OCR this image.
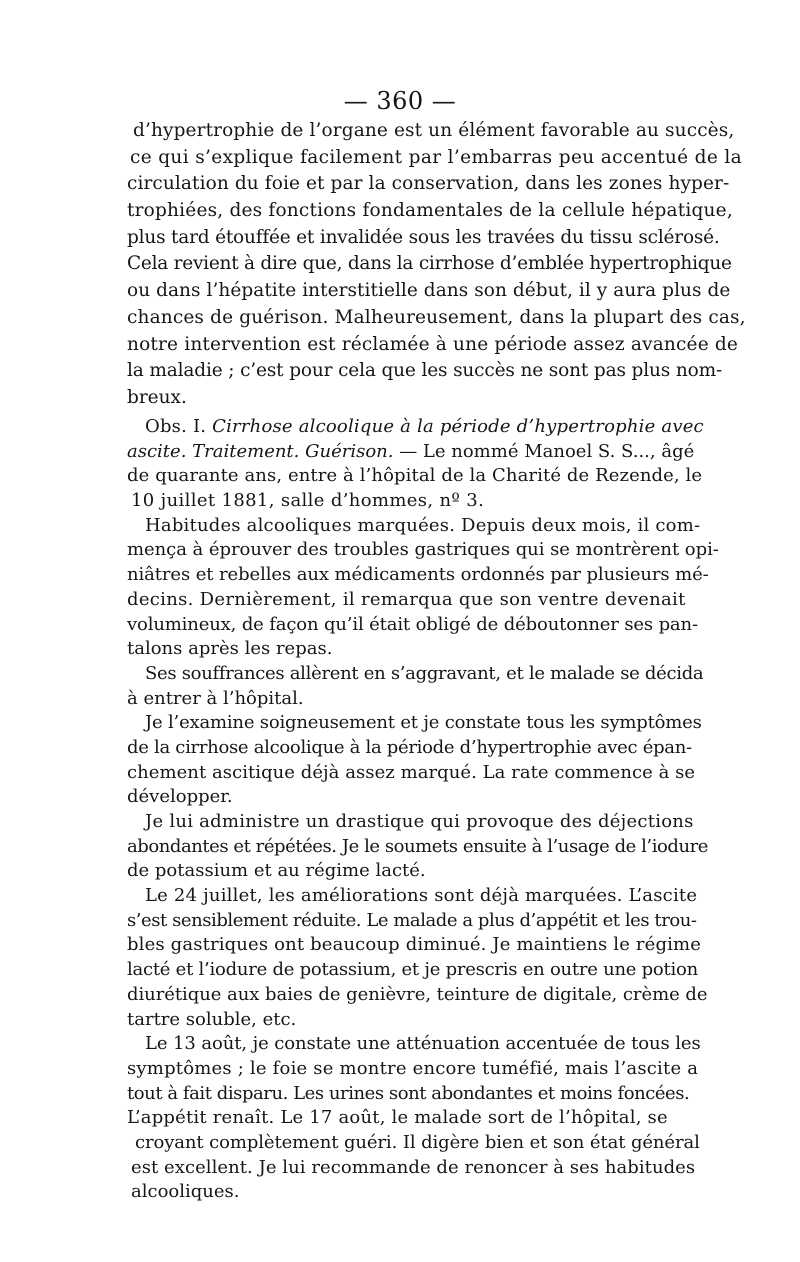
— 360 —
d’hypertrophie de l’organe est un élément favorable au succès,
ce qui s’explique facilement par l’embarras peu accentué de la
circulation du foie et par la conservation, dans les zones hyper-
trophiées, des fonctions fondamentales de la cellule hépatique,
plus tard étouffée et invalidée sous les travées du tissu sclérosé.
Cela revient à dire que, dans la cirrhose d’emblée hypertrophique
ou dans l’hépatite interstitielle dans son début, il y aura plus de
chances de guérison. Malheureusement, dans la plupart des cas,
notre intervention est réclamée à une période assez avancée de
la maladie ; c’est pour cela que les succès ne sont pas plus nom-
breux.
Obs. I. Cirrhose alcoolique à la période d’hypertrophie avec
ascite. Traitement. Guérison. — Le nommé Manoel S. S..., âgé
de quarante ans, entre à l’hôpital de la Charité de Rezende, le
10 juillet 1881, salle d’hommes, nº 3.
Habitudes alcooliques marquées. Depuis deux mois, il com-
mença à éprouver des troubles gastriques qui se montrèrent opi-
niâtres et rebelles aux médicaments ordonnés par plusieurs mé-
decins. Dernièrement, il remarqua que son ventre devenait
volumineux, de façon qu’il était obligé de déboutonner ses pan-
talons après les repas.
Ses souffrances allèrent en s’aggravant, et le malade se décida
à entrer à l’hôpital.
Je l’examine soigneusement et je constate tous les symptômes
de la cirrhose alcoolique à la période d’hypertrophie avec épan-
chement ascitique déjà assez marqué. La rate commence à se
développer.
Je lui administre un drastique qui provoque des déjections
abondantes et répétées. Je le soumets ensuite à l’usage de l’iodure
de potassium et au régime lacté.
Le 24 juillet, les améliorations sont déjà marquées. L’ascite
s’est sensiblement réduite. Le malade a plus d’appétit et les trou-
bles gastriques ont beaucoup diminué. Je maintiens le régime
lacté et l’iodure de potassium, et je prescris en outre une potion
diurétique aux baies de genièvre, teinture de digitale, crème de
tartre soluble, etc.
Le 13 août, je constate une atténuation accentuée de tous les
symptômes ; le foie se montre encore tuméfié, mais l’ascite a
tout à fait disparu. Les urines sont abondantes et moins foncées.
L’appétit renaît. Le 17 août, le malade sort de l’hôpital, se
croyant complètement guéri. Il digère bien et son état général
est excellent. Je lui recommande de renoncer à ses habitudes
alcooliques.
